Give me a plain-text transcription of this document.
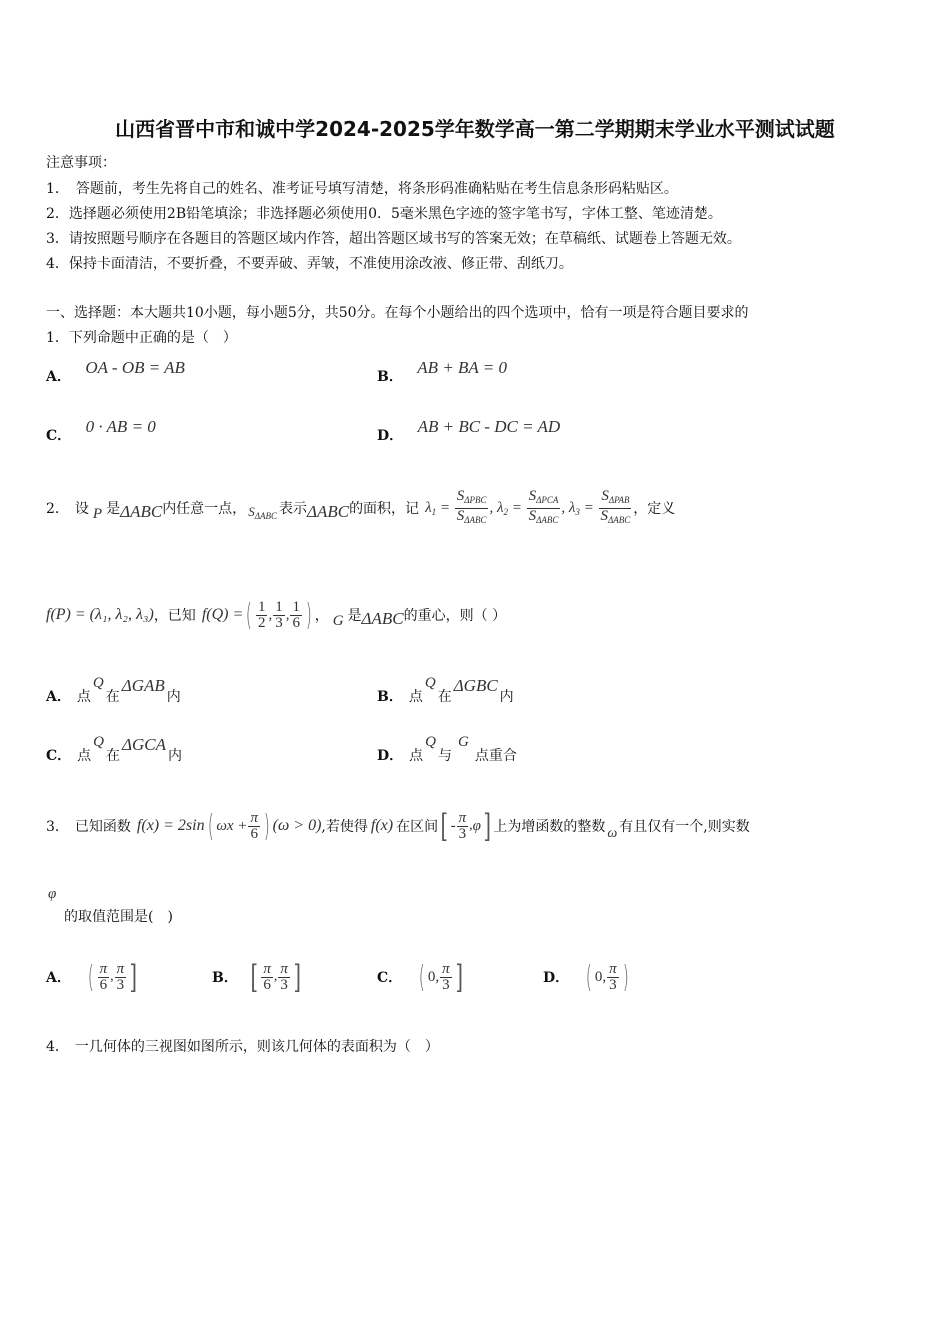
山西省晋中市和诚中学2024-2025学年数学高一第二学期期末学业水平测试试题
注意事项：
1．　答题前，考生先将自己的姓名、准考证号填写清楚，将条形码准确粘贴在考生信息条形码粘贴区。
2．选择题必须使用2B铅笔填涂；非选择题必须使用0．5毫米黑色字迹的签字笔书写，字体工整、笔迹清楚。
3．请按照题号顺序在各题目的答题区域内作答，超出答题区域书写的答案无效；在草稿纸、试题卷上答题无效。
4．保持卡面清洁，不要折叠，不要弄破、弄皱，不准使用涂改液、修正带、刮纸刀。
一、选择题：本大题共10小题，每小题5分，共50分。在每个小题给出的四个选项中，恰有一项是符合题目要求的
1．下列命题中正确的是（　）
A． OA - OB = AB	B． AB + BA = 0
C． 0 · AB = 0	D． AB + BC - DC = AD
2． 设 P 是 ΔABC 内任意一点， $S_{\Delta ABC}$ 表示 ΔABC 的面积，记 $\lambda_1 = \frac{S_{\Delta PBC}}{S_{\Delta ABC}}$ , $\lambda_2 = \frac{S_{\Delta PCA}}{S_{\Delta ABC}}$ , $\lambda_3 = \frac{S_{\Delta PAB}}{S_{\Delta ABC}}$ ，定义
f(P) = (λ₁, λ₂, λ₃) ，已知 f(Q) = ( $\frac{1}{2}$ , $\frac{1}{3}$ , $\frac{1}{6}$ ) ， G 是 ΔABC 的重心，则（ ）
A． 点
Q
在
ΔGAB
内	B． 点
Q
在
ΔGBC
内
C． 点
Q
在
ΔGCA
内	D． 点
Q
与
G
点重合
3． 已知函数 f(x) = 2sin ( $\omega x + \frac{\pi}{6}$ ) (ω > 0) ,若使得 f(x) 在区间 [ - $\frac{\pi}{3}$ , φ ] 上为增函数的整数 ω 有且仅有一个,则实数
φ
的取值范围是(　)
A． ( $\frac{\pi}{6}$ , $\frac{\pi}{3}$ ]	B． [ $\frac{\pi}{6}$ , $\frac{\pi}{3}$ ]	C． ( 0, $\frac{\pi}{3}$ ]	D． ( 0, $\frac{\pi}{3}$ )
4． 一几何体的三视图如图所示，则该几何体的表面积为（　）
